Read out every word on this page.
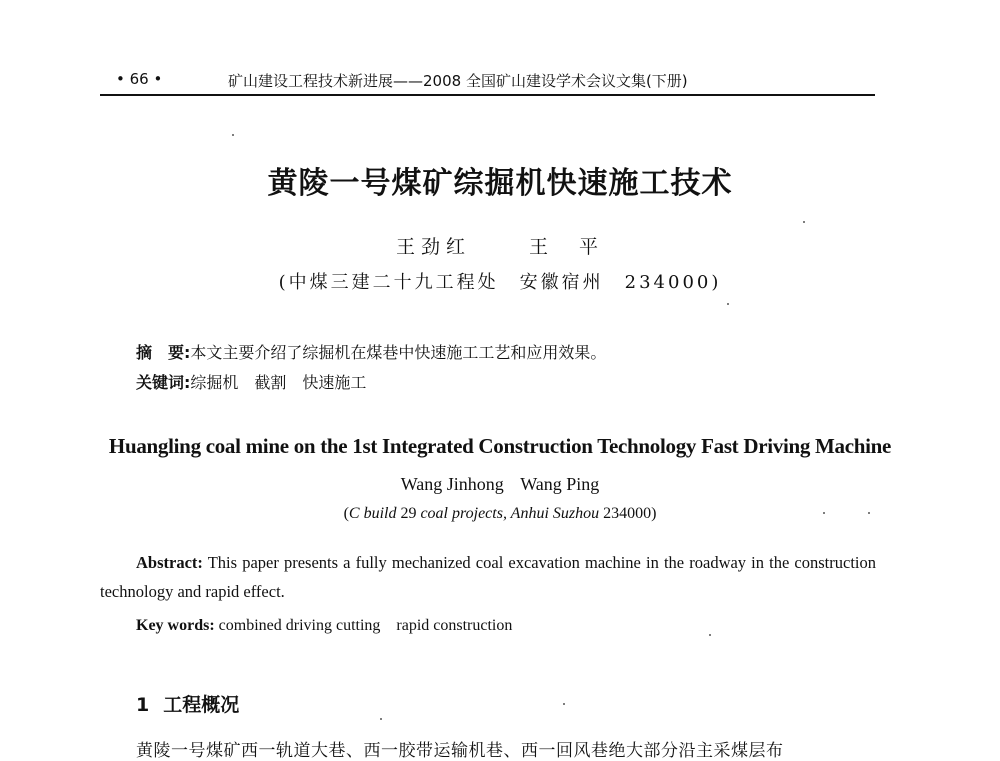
• 66 •	矿山建设工程技术新进展——2008 全国矿山建设学术会议文集(下册)
黄陵一号煤矿综掘机快速施工技术
王劲红	王　平
(中煤三建二十九工程处　安徽宿州　234000)
摘　要:本文主要介绍了综掘机在煤巷中快速施工工艺和应用效果。
关键词:综掘机　截割　快速施工
Huangling coal mine on the 1st Integrated Construction Technology Fast Driving Machine
Wang Jinhong Wang Ping
(C build 29 coal projects, Anhui Suzhou 234000)
Abstract: This paper presents a fully mechanized coal excavation machine in the roadway in the construction technology and rapid effect.
Key words: combined driving cutting　rapid construction
1 工程概况
黄陵一号煤矿西一轨道大巷、西一胶带运输机巷、西一回风巷绝大部分沿主采煤层布
